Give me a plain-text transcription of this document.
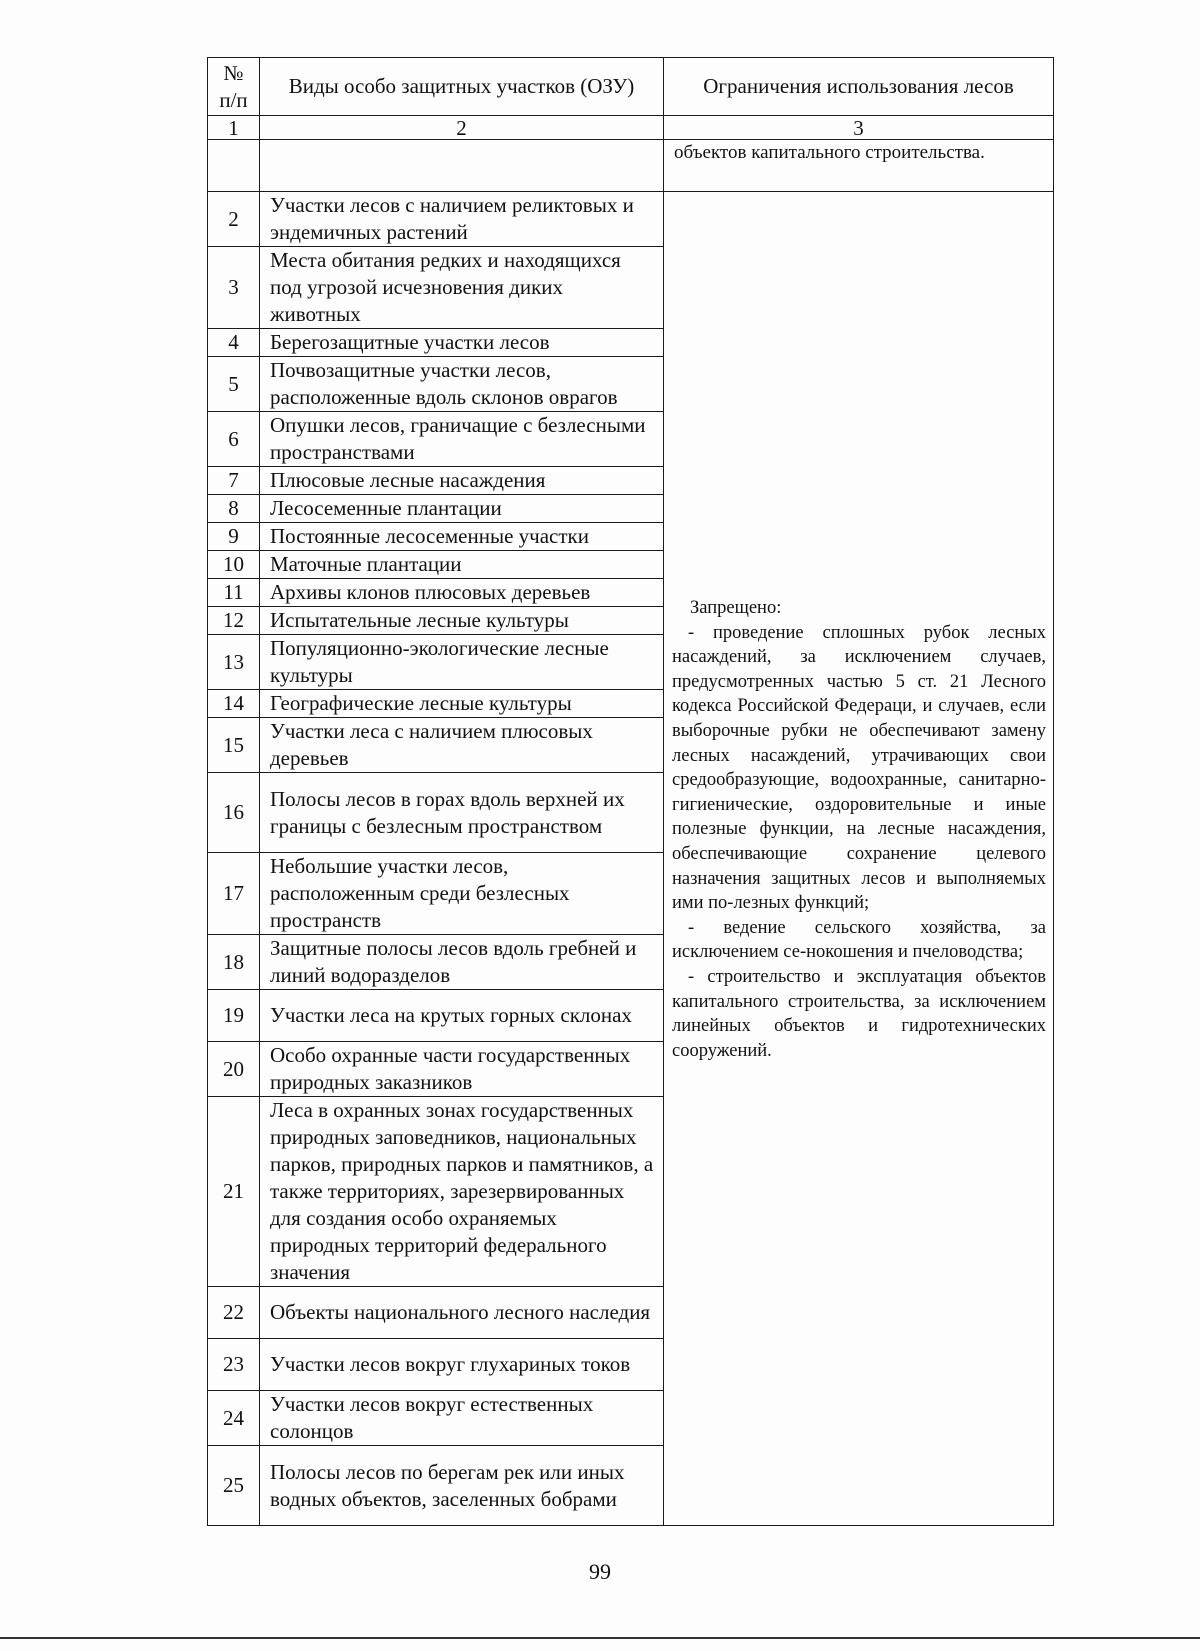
№ п/п	Виды особо защитных участков (ОЗУ)	Ограничения использования лесов
1	2	3
		объектов капитального строительства.
2	Участки лесов с наличием реликтовых и эндемичных растений	Запрещено:

- проведение сплошных рубок лесных насаждений, за исключением случаев, предусмотренных частью 5 ст. 21 Лесного кодекса Российской Федераци, и случаев, если выборочные рубки не обеспечивают замену лесных насаждений, утрачивающих свои средообразующие, водоохранные, санитарно-гигиенические, оздоровительные и иные полезные функции, на лесные насаждения, обеспечивающие сохранение целевого назначения защитных лесов и выполняемых ими по-лезных функций;

- ведение сельского хозяйства, за исключением се-нокошения и пчеловодства;

- строительство и эксплуатация объектов капитального строительства, за исключением линейных объектов и гидротехнических сооружений.

3	Места обитания редких и находящихся под угрозой исчезновения диких животных	
4	Берегозащитные участки лесов	
5	Почвозащитные участки лесов, расположенные вдоль склонов оврагов	
6	Опушки лесов, граничащие с безлесными пространствами	
7	Плюсовые лесные насаждения	
8	Лесосеменные плантации	
9	Постоянные лесосеменные участки	
10	Маточные плантации	
11	Архивы клонов плюсовых деревьев	
12	Испытательные лесные культуры	
13	Популяционно-экологические лесные культуры	
14	Географические лесные культуры	
15	Участки леса с наличием плюсовых деревьев	
16	Полосы лесов в горах вдоль верхней их границы с безлесным пространством	
17	Небольшие участки лесов, расположенным среди безлесных пространств	
18	Защитные полосы лесов вдоль гребней и линий водоразделов	
19	Участки леса на крутых горных склонах	
20	Особо охранные части государственных природных заказников	
21	Леса в охранных зонах государственных природных заповедников, национальных парков, природных парков и памятников, а также территориях, зарезервированных для создания особо охраняемых природных территорий федерального значения	
22	Объекты национального лесного наследия	
23	Участки лесов вокруг глухариных токов	
24	Участки лесов вокруг естественных солонцов	
25	Полосы лесов по берегам рек или иных водных объектов, заселенных бобрами	
99
